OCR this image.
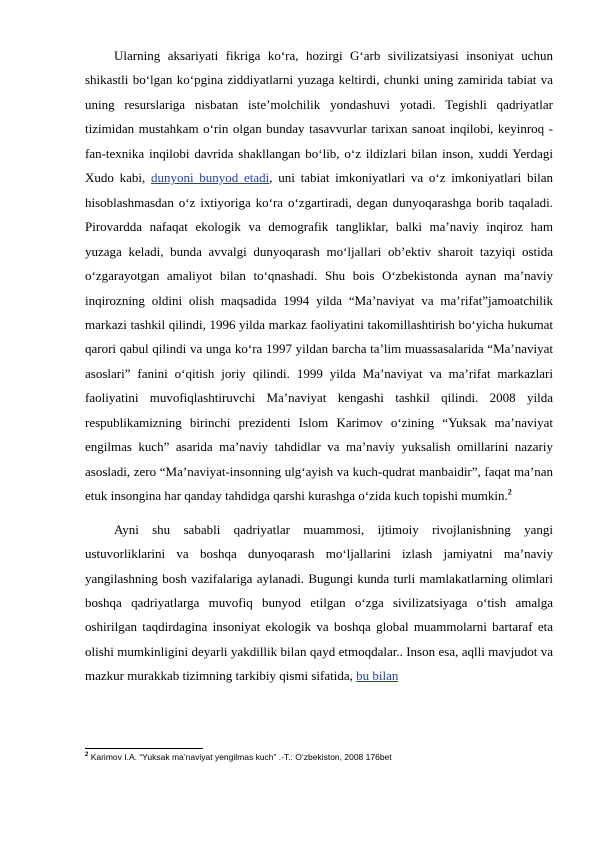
Ularning aksariyati fikriga ko‘ra, hozirgi G‘arb sivilizatsiyasi insoniyat uchun shikastli bo‘lgan ko‘pgina ziddiyatlarni yuzaga keltirdi, chunki uning zamirida tabiat va uning resurslariga nisbatan iste’molchilik yondashuvi yotadi. Tegishli qadriyatlar tizimidan mustahkam o‘rin olgan bunday tasavvurlar tarixan sanoat inqilobi, keyinroq - fan-texnika inqilobi davrida shakllangan bo‘lib, o‘z ildizlari bilan inson, xuddi Yerdagi Xudo kabi, dunyoni bunyod etadi, uni tabiat imkoniyatlari va o‘z imkoniyatlari bilan hisoblashmasdan o‘z ixtiyoriga ko‘ra o‘zgartiradi, degan dunyoqarashga borib taqaladi. Pirovardda nafaqat ekologik va demografik tangliklar, balki ma’naviy inqiroz ham yuzaga keladi, bunda avvalgi dunyoqarash mo‘ljallari ob’ektiv sharoit tazyiqi ostida o‘zgarayotgan amaliyot bilan to‘qnashadi. Shu bois O‘zbekistonda aynan ma’naviy inqirozning oldini olish maqsadida 1994 yilda “Ma’naviyat va ma’rifat”jamoatchilik markazi tashkil qilindi, 1996 yilda markaz faoliyatini takomillashtirish bo‘yicha hukumat qarori qabul qilindi va unga ko‘ra 1997 yildan barcha ta’lim muassasalarida “Ma’naviyat asoslari” fanini o‘qitish joriy qilindi. 1999 yilda Ma’naviyat va ma’rifat markazlari faoliyatini muvofiqlashtiruvchi Ma’naviyat kengashi tashkil qilindi. 2008 yilda respublikamizning birinchi prezidenti Islom Karimov o‘zining “Yuksak ma’naviyat engilmas kuch” asarida ma’naviy tahdidlar va ma’naviy yuksalish omillarini nazariy asosladi, zero “Ma’naviyat-insonning ulg‘ayish va kuch-qudrat manbaidir”, faqat ma’nan etuk insongina har qanday tahdidga qarshi kurashga o‘zida kuch topishi mumkin.$^2$

Ayni shu sababli qadriyatlar muammosi, ijtimoiy rivojlanishning yangi ustuvorliklarini va boshqa dunyoqarash mo‘ljallarini izlash jamiyatni ma’naviy yangilashning bosh vazifalariga aylanadi. Bugungi kunda turli mamlakatlarning olimlari boshqa qadriyatlarga muvofiq bunyod etilgan o‘zga sivilizatsiyaga o‘tish amalga oshirilgan taqdirdagina insoniyat ekologik va boshqa global muammolarni bartaraf eta olishi mumkinligini deyarli yakdillik bilan qayd etmoqdalar.. Inson esa, aqlli mavjudot va mazkur murakkab tizimning tarkibiy qismi sifatida, bu bilan

$^2$ Karimov I.A. “Yuksak ma’naviyat yengilmas kuch” .-T.: O‘zbekiston, 2008 176bet
